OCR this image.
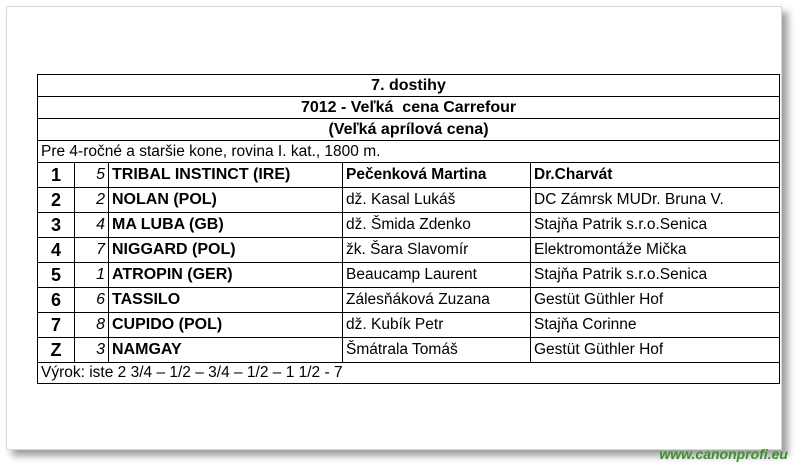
7. dostihy				
7012 - Veľká  cena Carrefour				
(Veľká aprílová cena)				
Pre 4-ročné a staršie kone, rovina I. kat., 1800 m.				
1	5	TRIBAL INSTINCT (IRE)	Pečenková Martina	Dr.Charvát
2	2	NOLAN (POL)	dž. Kasal Lukáš	DC Zámrsk MUDr. Bruna V.
3	4	MA LUBA (GB)	dž. Šmida Zdenko	Stajňa Patrik s.r.o.Senica
4	7	NIGGARD (POL)	žk. Šara Slavomír	Elektromontáže Mička
5	1	ATROPIN (GER)	Beaucamp Laurent	Stajňa Patrik s.r.o.Senica
6	6	TASSILO	Zálesňáková Zuzana	Gestüt Güthler Hof
7	8	CUPIDO (POL)	dž. Kubík Petr	Stajňa Corinne
Z	3	NAMGAY	Šmátrala Tomáš	Gestüt Güthler Hof
Výrok: iste 2 3/4 – 1/2 – 3/4 – 1/2 – 1 1/2 - 7				
www.canonprofi.eu
